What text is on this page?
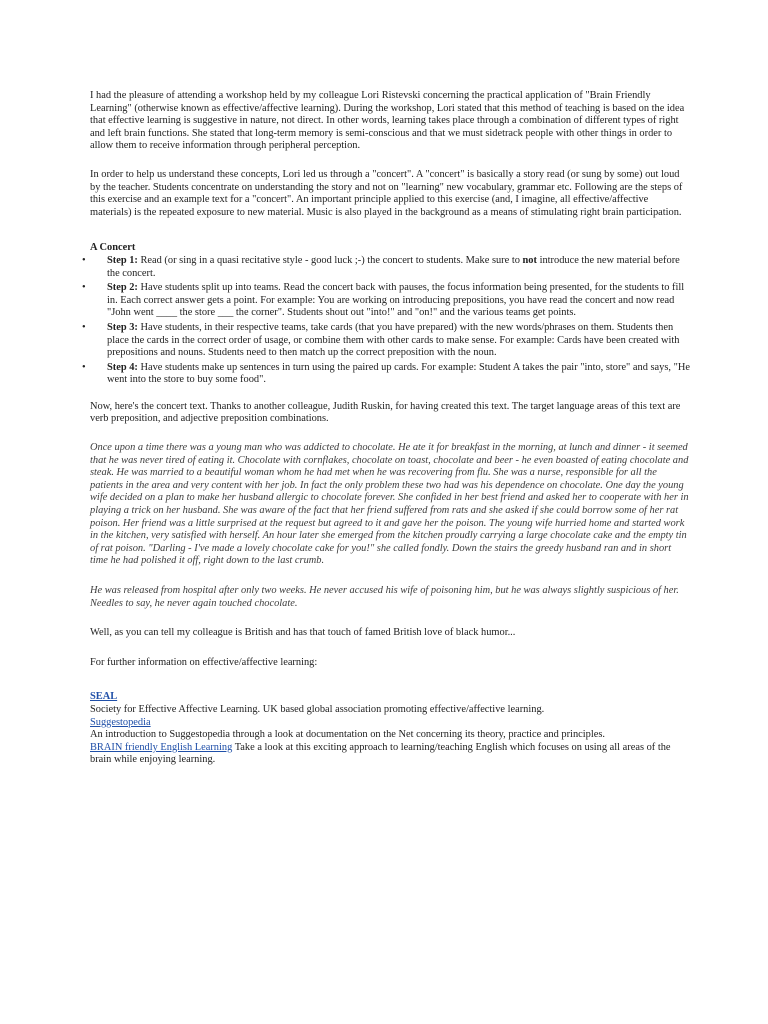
I had the pleasure of attending a workshop held by my colleague Lori Ristevski concerning the practical application of "Brain Friendly Learning" (otherwise known as effective/affective learning). During the workshop, Lori stated that this method of teaching is based on the idea that effective learning is suggestive in nature, not direct. In other words, learning takes place through a combination of different types of right and left brain functions. She stated that long-term memory is semi-conscious and that we must sidetrack people with other things in order to allow them to receive information through peripheral perception.

In order to help us understand these concepts, Lori led us through a "concert". A "concert" is basically a story read (or sung by some) out loud by the teacher. Students concentrate on understanding the story and not on "learning" new vocabulary, grammar etc. Following are the steps of this exercise and an example text for a "concert". An important principle applied to this exercise (and, I imagine, all effective/affective materials) is the repeated exposure to new material. Music is also played in the background as a means of stimulating right brain participation.

A Concert

• Step 1: Read (or sing in a quasi recitative style - good luck ;-) the concert to students. Make sure to not introduce the new material before the concert.
• Step 2: Have students split up into teams. Read the concert back with pauses, the focus information being presented, for the students to fill in. Each correct answer gets a point. For example: You are working on introducing prepositions, you have read the concert and now read "John went ____ the store ___ the corner". Students shout out "into!" and "on!" and the various teams get points.
• Step 3: Have students, in their respective teams, take cards (that you have prepared) with the new words/phrases on them. Students then place the cards in the correct order of usage, or combine them with other cards to make sense. For example: Cards have been created with prepositions and nouns. Students need to then match up the correct preposition with the noun.
• Step 4: Have students make up sentences in turn using the paired up cards. For example: Student A takes the pair "into, store" and says, "He went into the store to buy some food".

Now, here's the concert text. Thanks to another colleague, Judith Ruskin, for having created this text. The target language areas of this text are verb preposition, and adjective preposition combinations.

Once upon a time there was a young man who was addicted to chocolate. He ate it for breakfast in the morning, at lunch and dinner - it seemed that he was never tired of eating it. Chocolate with cornflakes, chocolate on toast, chocolate and beer - he even boasted of eating chocolate and steak. He was married to a beautiful woman whom he had met when he was recovering from flu. She was a nurse, responsible for all the patients in the area and very content with her job. In fact the only problem these two had was his dependence on chocolate. One day the young wife decided on a plan to make her husband allergic to chocolate forever. She confided in her best friend and asked her to cooperate with her in playing a trick on her husband. She was aware of the fact that her friend suffered from rats and she asked if she could borrow some of her rat poison. Her friend was a little surprised at the request but agreed to it and gave her the poison. The young wife hurried home and started work in the kitchen, very satisfied with herself. An hour later she emerged from the kitchen proudly carrying a large chocolate cake and the empty tin of rat poison. "Darling - I've made a lovely chocolate cake for you!" she called fondly. Down the stairs the greedy husband ran and in short time he had polished it off, right down to the last crumb.

He was released from hospital after only two weeks. He never accused his wife of poisoning him, but he was always slightly suspicious of her. Needles to say, he never again touched chocolate.

Well, as you can tell my colleague is British and has that touch of famed British love of black humor...

For further information on effective/affective learning:

SEAL

Society for Effective Affective Learning. UK based global association promoting effective/affective learning.

Suggestopedia

An introduction to Suggestopedia through a look at documentation on the Net concerning its theory, practice and principles.

BRAIN friendly English Learning Take a look at this exciting approach to learning/teaching English which focuses on using all areas of the brain while enjoying learning.
